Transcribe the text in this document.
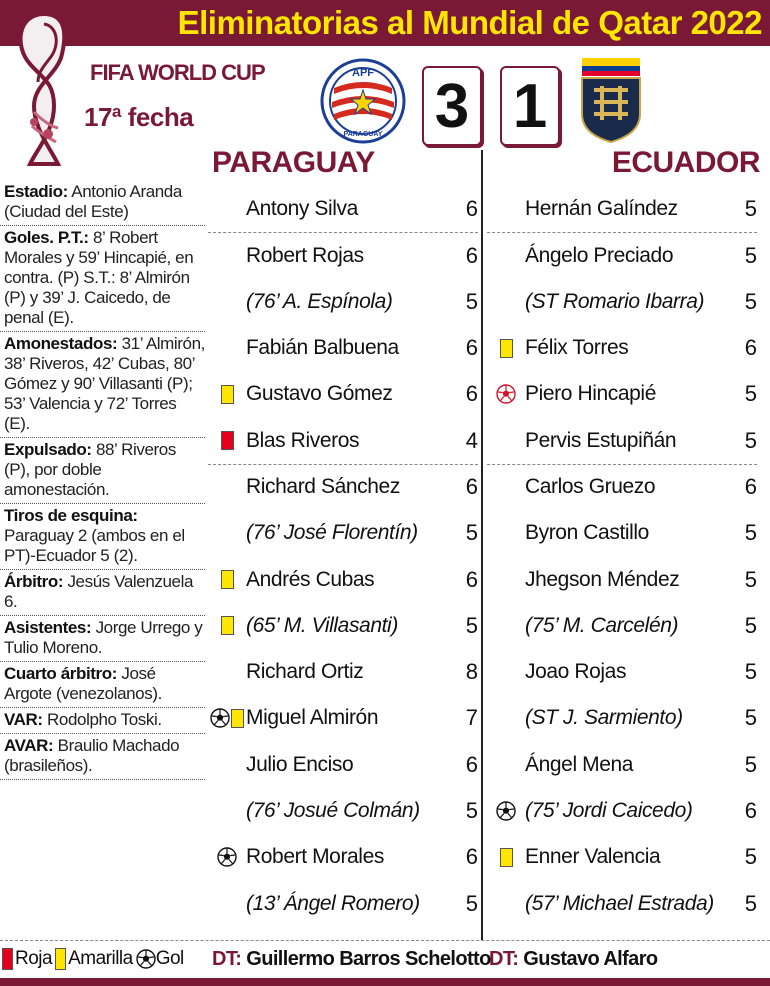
Eliminatorias al Mundial de Qatar 2022
FIFA WORLD CUP
17ª fecha
APF
PARAGUAY 3 1
PARAGUAY	ECUADOR
Estadio: Antonio Aranda (Ciudad del Este)
Goles. P.T.: 8’ Robert Morales y 59’ Hincapié, en contra. (P) S.T.: 8’ Almirón (P) y 39’ J. Caicedo, de penal (E).
Amonestados: 31’ Almirón, 38’ Riveros, 42’ Cubas, 80’ Gómez y 90’ Villasanti (P); 53’ Valencia y 72’ Torres (E).
Expulsado: 88’ Riveros (P), por doble amonestación.
Tiros de esquina: Paraguay 2 (ambos en el PT)-Ecuador 5 (2).
Árbitro: Jesús Valenzuela 6.
Asistentes: Jorge Urrego y Tulio Moreno.
Cuarto árbitro: José Argote (venezolanos).
VAR: Rodolpho Toski.
AVAR: Braulio Machado (brasileños).
Antony Silva	6
Robert Rojas	6
(76’ A. Espínola)	5
Fabián Balbuena	6
Gustavo Gómez	6
Blas Riveros	4
Richard Sánchez	6
(76’ José Florentín)	5
Andrés Cubas	6
(65’ M. Villasanti)	5
Richard Ortiz	8
Miguel Almirón	7
Julio Enciso	6
(76’ Josué Colmán)	5
Robert Morales	6
(13’ Ángel Romero)	5
Hernán Galíndez	5
Ángelo Preciado	5
(ST Romario Ibarra)	5
Félix Torres	6
Piero Hincapié	5
Pervis Estupiñán	5
Carlos Gruezo	6
Byron Castillo	5
Jhegson Méndez	5
(75’ M. Carcelén)	5
Joao Rojas	5
(ST J. Sarmiento)	5
Ángel Mena	5
(75’ Jordi Caicedo)	6
Enner Valencia	5
(57’ Michael Estrada)	5
Roja Amarilla Gol DT: Guillermo Barros Schelotto
DT: Gustavo Alfaro
